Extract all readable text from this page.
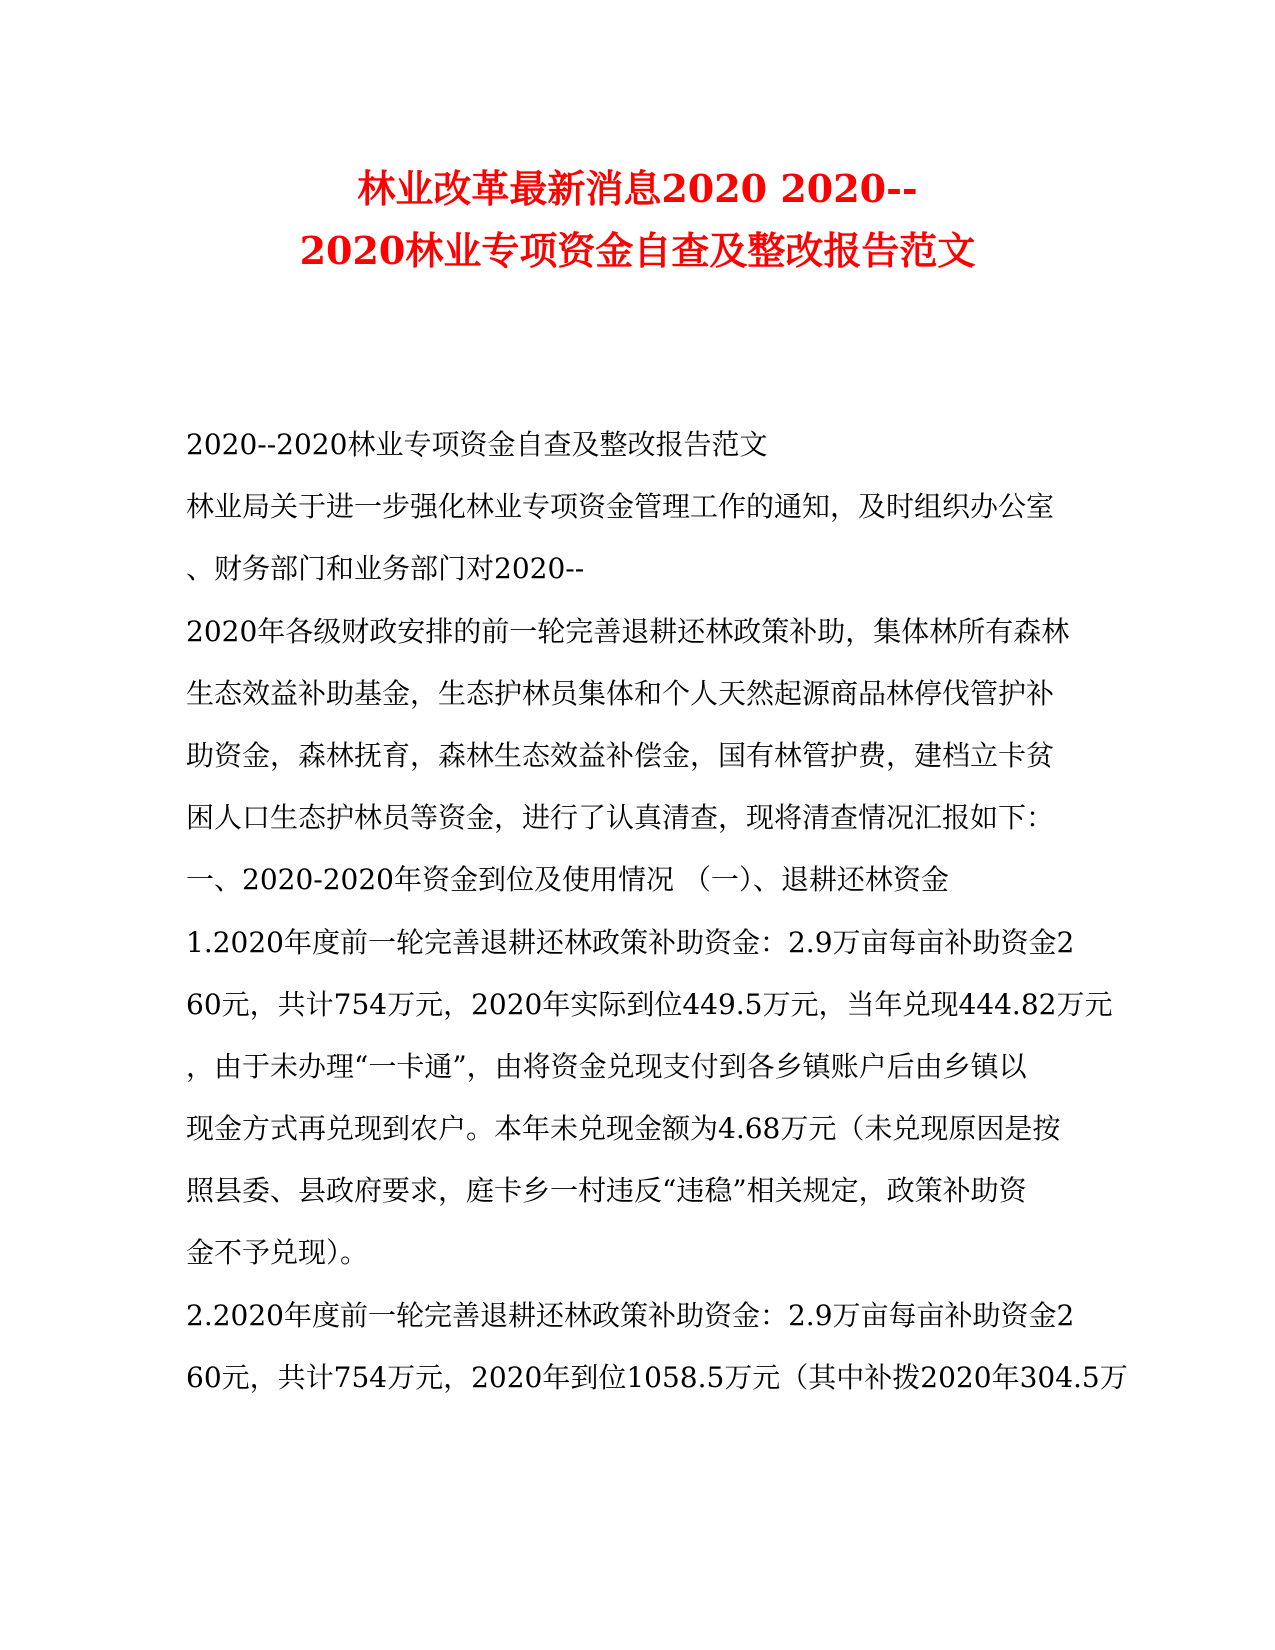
林业改革最新消息2020 2020--
2020林业专项资金自查及整改报告范文
2020--2020林业专项资金自查及整改报告范文
林业局关于进一步强化林业专项资金管理工作的通知，及时组织办公室
、财务部门和业务部门对2020--
2020年各级财政安排的前一轮完善退耕还林政策补助，集体林所有森林
生态效益补助基金，生态护林员集体和个人天然起源商品林停伐管护补
助资金，森林抚育，森林生态效益补偿金，国有林管护费，建档立卡贫
困人口生态护林员等资金，进行了认真清查，现将清查情况汇报如下：
一、2020-2020年资金到位及使用情况 （一）、退耕还林资金
1.2020年度前一轮完善退耕还林政策补助资金：2.9万亩每亩补助资金2
60元，共计754万元，2020年实际到位449.5万元，当年兑现444.82万元
，由于未办理“一卡通”，由将资金兑现支付到各乡镇账户后由乡镇以
现金方式再兑现到农户。本年未兑现金额为4.68万元（未兑现原因是按
照县委、县政府要求，庭卡乡一村违反“违稳”相关规定，政策补助资
金不予兑现）。
2.2020年度前一轮完善退耕还林政策补助资金：2.9万亩每亩补助资金2
60元，共计754万元，2020年到位1058.5万元（其中补拨2020年304.5万
